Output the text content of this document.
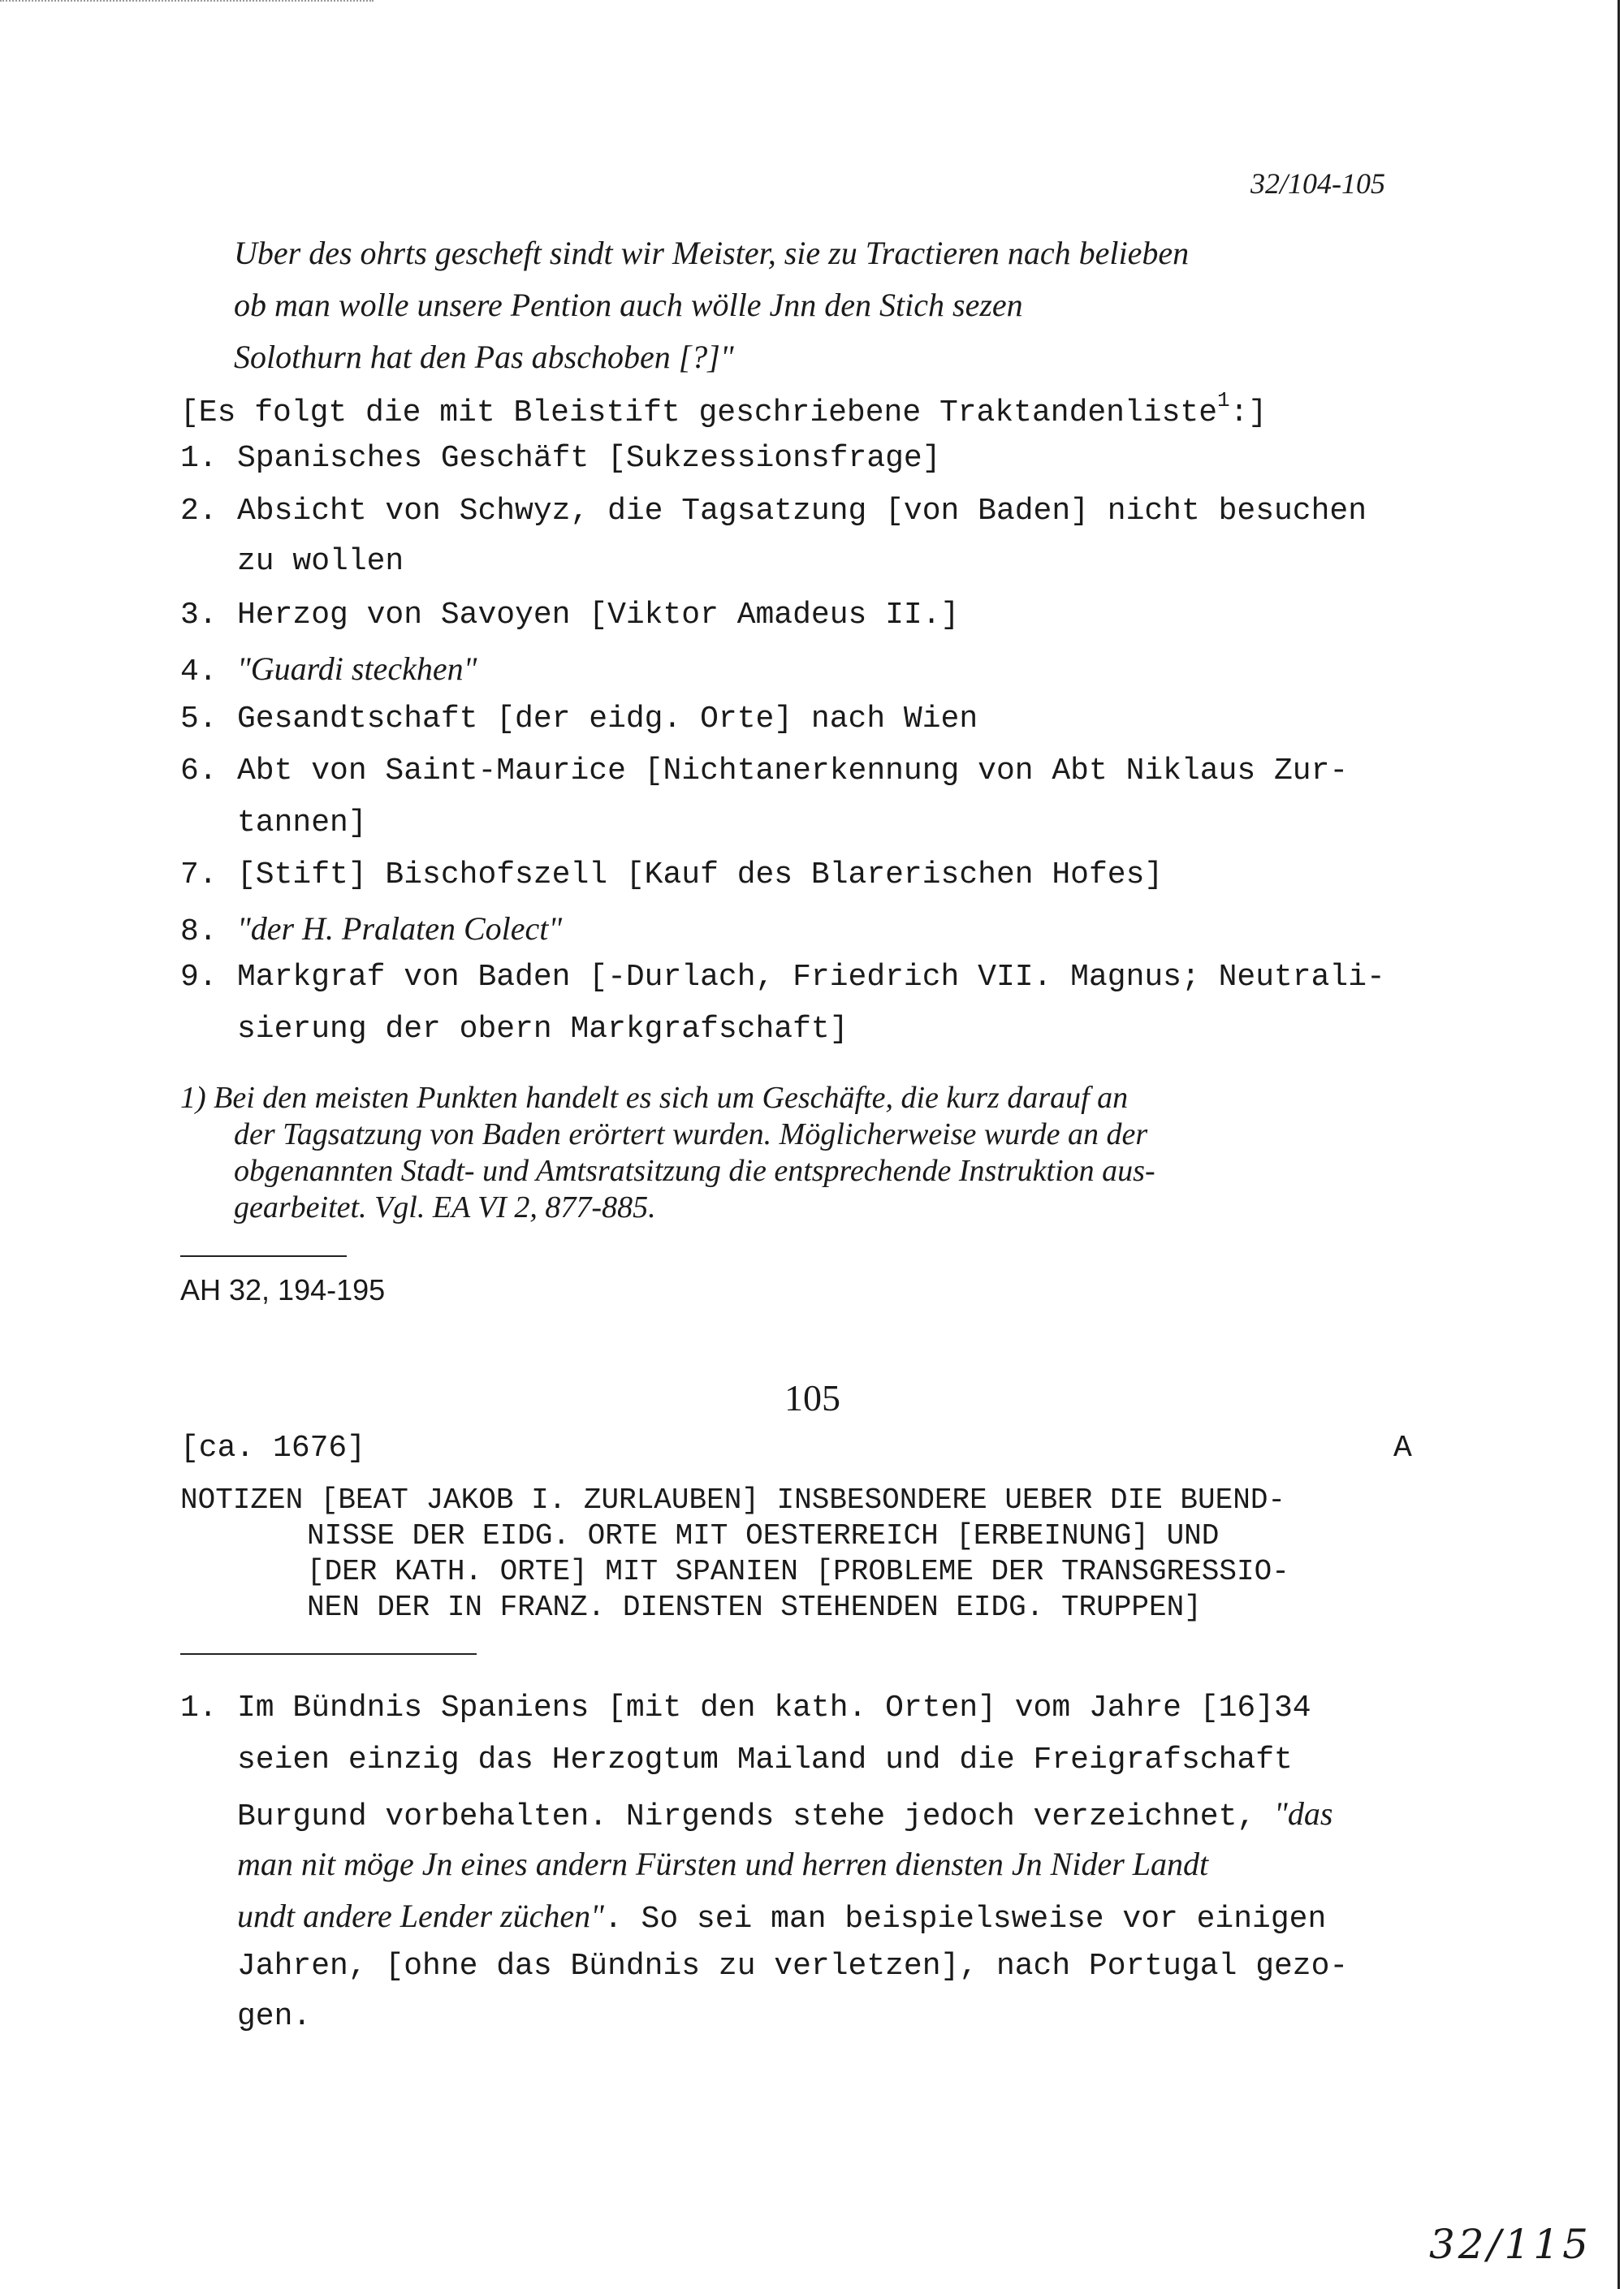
32/104-105
Uber des ohrts gescheft sindt wir Meister, sie zu Tractieren nach belieben
ob man wolle unsere Pention auch wölle Jnn den Stich sezen
Solothurn hat den Pas abschoben [?]"
[Es folgt die mit Bleistift geschriebene Traktandenliste$^1$:]
1. Spanisches Geschäft [Sukzessionsfrage]
2. Absicht von Schwyz, die Tagsatzung [von Baden] nicht besuchen
zu wollen
3. Herzog von Savoyen [Viktor Amadeus II.]
4. "Guardi steckhen"
5. Gesandtschaft [der eidg. Orte] nach Wien
6. Abt von Saint-Maurice [Nichtanerkennung von Abt Niklaus Zur-
tannen]
7. [Stift] Bischofszell [Kauf des Blarerischen Hofes]
8. "der H. Pralaten Colect"
9. Markgraf von Baden [-Durlach, Friedrich VII. Magnus; Neutrali-
sierung der obern Markgrafschaft]
1) Bei den meisten Punkten handelt es sich um Geschäfte, die kurz darauf an
der Tagsatzung von Baden erörtert wurden. Möglicherweise wurde an der
obgenannten Stadt- und Amtsratsitzung die entsprechende Instruktion aus-
gearbeitet. Vgl. EA VI 2, 877-885.
AH 32, 194-195
105
[ca. 1676]	A
NOTIZEN [BEAT JAKOB I. ZURLAUBEN] INSBESONDERE UEBER DIE BUEND-
NISSE DER EIDG. ORTE MIT OESTERREICH [ERBEINUNG] UND
[DER KATH. ORTE] MIT SPANIEN [PROBLEME DER TRANSGRESSIO-
NEN DER IN FRANZ. DIENSTEN STEHENDEN EIDG. TRUPPEN]
1. Im Bündnis Spaniens [mit den kath. Orten] vom Jahre [16]34
seien einzig das Herzogtum Mailand und die Freigrafschaft
Burgund vorbehalten. Nirgends stehe jedoch verzeichnet, "das
man nit möge Jn eines andern Fürsten und herren diensten Jn Nider Landt
undt andere Lender züchen". So sei man beispielsweise vor einigen
Jahren, [ohne das Bündnis zu verletzen], nach Portugal gezo-
gen.
32/115
